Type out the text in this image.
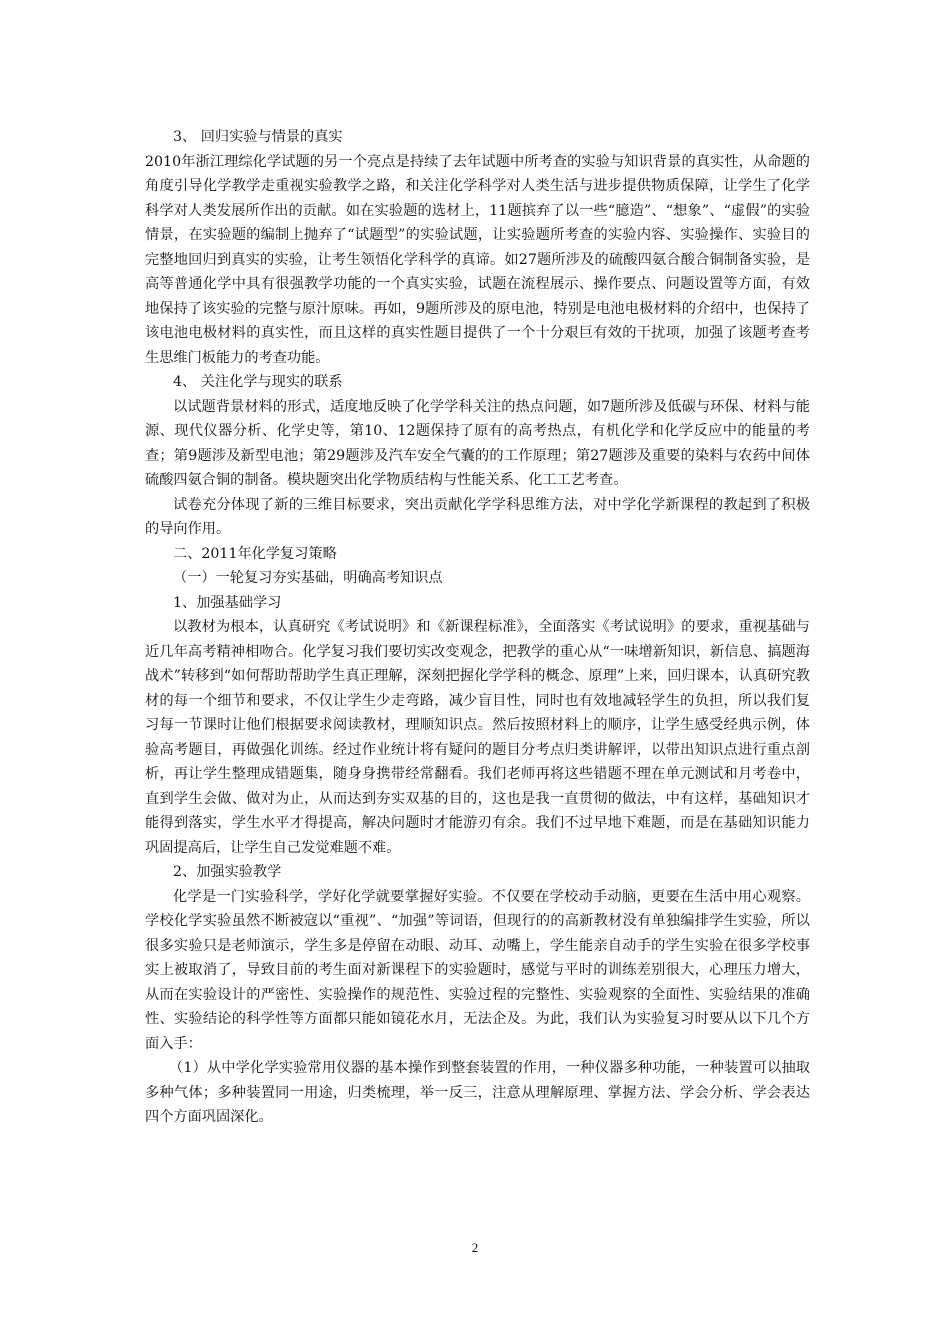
3、 回归实验与情景的真实

2010年浙江理综化学试题的另一个亮点是持续了去年试题中所考查的实验与知识背景的真实性，从命题的角度引导化学教学走重视实验教学之路，和关注化学科学对人类生活与进步提供物质保障，让学生了化学科学对人类发展所作出的贡献。如在实验题的选材上，11题摈弃了以一些“臆造”、“想象”、“虚假”的实验情景，在实验题的编制上抛弃了“试题型”的实验试题，让实验题所考查的实验内容、实验操作、实验目的完整地回归到真实的实验，让考生领悟化学科学的真谛。如27题所涉及的硫酸四氨合酸合铜制备实验，是高等普通化学中具有很强教学功能的一个真实实验，试题在流程展示、操作要点、问题设置等方面，有效地保持了该实验的完整与原汁原味。再如，9题所涉及的原电池，特别是电池电极材料的介绍中，也保持了该电池电极材料的真实性，而且这样的真实性题目提供了一个十分艰巨有效的干扰项，加强了该题考查考生思维门板能力的考查功能。

4、 关注化学与现实的联系

以试题背景材料的形式，适度地反映了化学学科关注的热点问题，如7题所涉及低碳与环保、材料与能源、现代仪器分析、化学史等，第10、12题保持了原有的高考热点，有机化学和化学反应中的能量的考查；第9题涉及新型电池；第29题涉及汽车安全气囊的的工作原理；第27题涉及重要的染料与农药中间体硫酸四氨合铜的制备。模块题突出化学物质结构与性能关系、化工工艺考查。

试卷充分体现了新的三维目标要求，突出贡献化学学科思维方法，对中学化学新课程的教起到了积极的导向作用。

二、2011年化学复习策略

（一）一轮复习夯实基础，明确高考知识点

1、加强基础学习

以教材为根本，认真研究《考试说明》和《新课程标准》，全面落实《考试说明》的要求，重视基础与近几年高考精神相吻合。化学复习我们要切实改变观念，把教学的重心从“一味增新知识，新信息、搞题海战术”转移到“如何帮助帮助学生真正理解，深刻把握化学学科的概念、原理”上来，回归课本，认真研究教材的每一个细节和要求，不仅让学生少走弯路，减少盲目性，同时也有效地减轻学生的负担，所以我们复习每一节课时让他们根据要求阅读教材，理顺知识点。然后按照材料上的顺序，让学生感受经典示例，体验高考题目，再做强化训练。经过作业统计将有疑问的题目分考点归类讲解评，以带出知识点进行重点剖析，再让学生整理成错题集，随身身携带经常翻看。我们老师再将这些错题不理在单元测试和月考卷中，直到学生会做、做对为止，从而达到夯实双基的目的，这也是我一直贯彻的做法，中有这样，基础知识才能得到落实，学生水平才得提高，解决问题时才能游刃有余。我们不过早地下难题，而是在基础知识能力巩固提高后，让学生自己发觉难题不难。

2、加强实验教学

化学是一门实验科学，学好化学就要掌握好实验。不仅要在学校动手动脑，更要在生活中用心观察。学校化学实验虽然不断被寇以“重视”、“加强”等词语，但现行的的高新教材没有单独编排学生实验，所以很多实验只是老师演示，学生多是停留在动眼、动耳、动嘴上，学生能亲自动手的学生实验在很多学校事实上被取消了，导致目前的考生面对新课程下的实验题时，感觉与平时的训练差别很大，心理压力增大，从而在实验设计的严密性、实验操作的规范性、实验过程的完整性、实验观察的全面性、实验结果的准确性、实验结论的科学性等方面都只能如镜花水月，无法企及。为此，我们认为实验复习时要从以下几个方面入手：

（1）从中学化学实验常用仪器的基本操作到整套装置的作用，一种仪器多种功能，一种装置可以抽取多种气体；多种装置同一用途，归类梳理，举一反三，注意从理解原理、掌握方法、学会分析、学会表达四个方面巩固深化。

2
